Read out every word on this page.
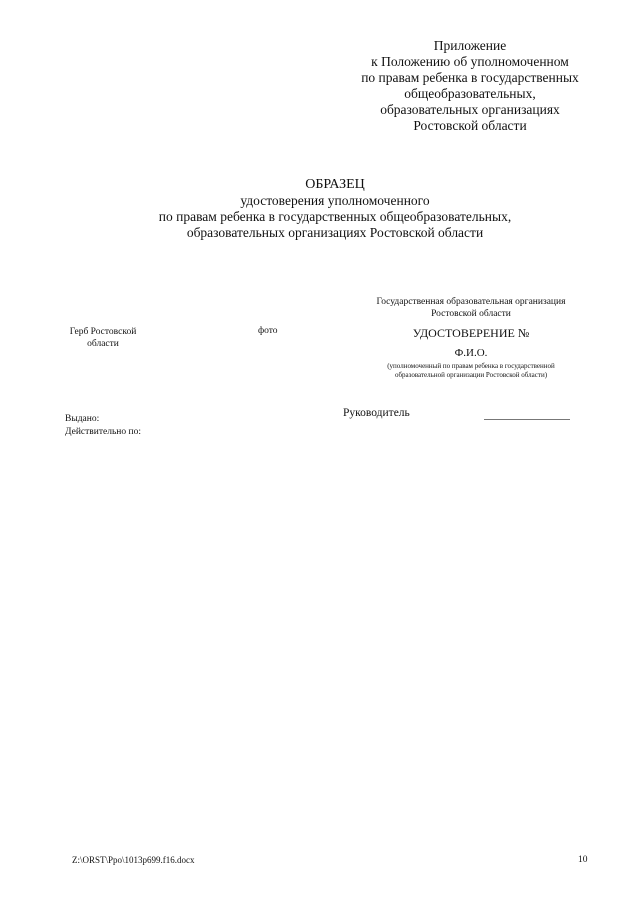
Приложение
к Положению об уполномоченном
по правам ребенка в государственных
общеобразовательных,
образовательных организациях
Ростовской области
ОБРАЗЕЦ
удостоверения уполномоченного
по правам ребенка в государственных общеобразовательных,
образовательных организациях Ростовской области
Государственная образовательная организация
Ростовской области
УДОСТОВЕРЕНИЕ №
Ф.И.О.
(уполномоченный по правам ребенка в государственной
образовательной организации Ростовской области)
Герб Ростовской
области
фото
Руководитель
Выдано:
Действительно по:
Z:\ORST\Ppo\1013p699.f16.docx	10
